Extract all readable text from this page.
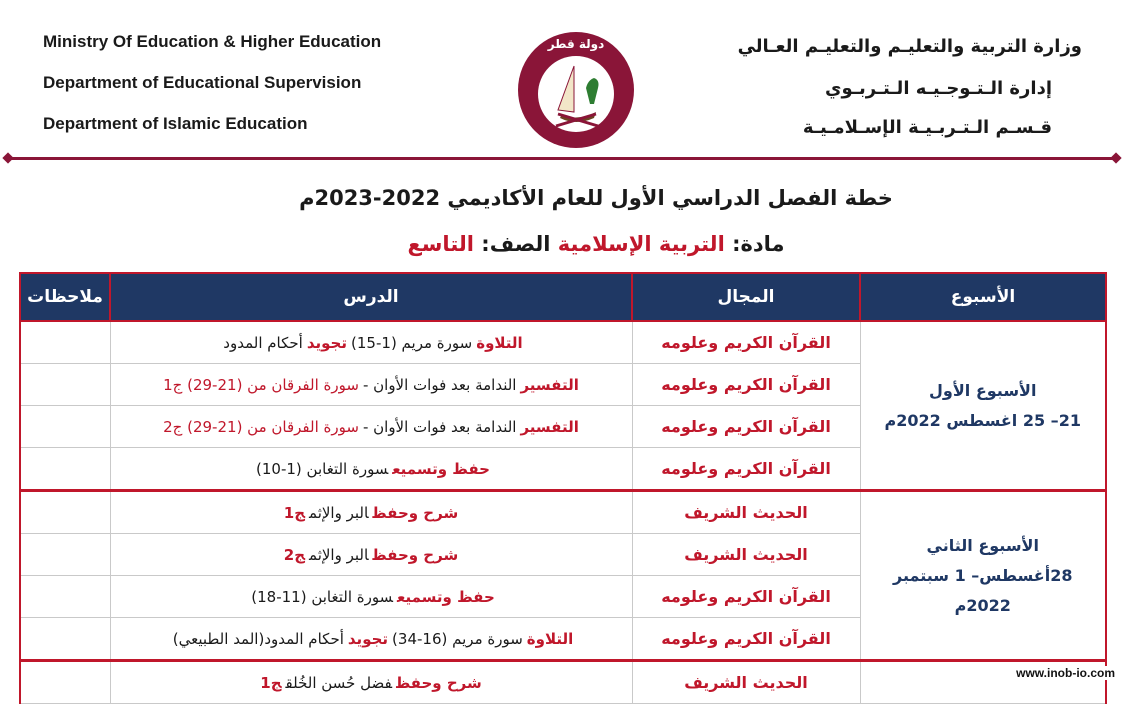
Ministry Of Education & Higher Education
Department of Educational Supervision
Department of Islamic Education
دولة قطر	وزارة التربية والتعليـم والتعليـم العـالي
إدارة الـتـوجـيـه الـتـربـوي
قـسـم الـتـربـيـة الإسـلامـيـة
خطة الفصل الدراسي الأول للعام الأكاديمي 2022-2023م
مادة: التربية الإسلامية الصف: التاسع
الأسبوع	المجال	الدرس	ملاحظات

الأسبوع الأول
21– 25 اغسطس 2022م	القرآن الكريم وعلومه	التلاوةسورة مريم (1-15)تجويدأحكام المدود	
	القرآن الكريم وعلومه	التفسيرالندامة بعد فوات الأوان -سورة الفرقان من (21-29) ج1	
	القرآن الكريم وعلومه	التفسيرالندامة بعد فوات الأوان -سورة الفرقان من (21-29) ج2	
	القرآن الكريم وعلومه	حفظ وتسميعسورة التغابن (1-10)	

الأسبوع الثاني
28أغسطس– 1 سبتمبر 2022م	الحديث الشريف	شرح وحفظالبر والإثمج1	
	الحديث الشريف	شرح وحفظالبر والإثمج2	
	القرآن الكريم وعلومه	حفظ وتسميعسورة التغابن (11-18)	
	القرآن الكريم وعلومه	التلاوةسورة مريم (16-34)تجويدأحكام المدود(المد الطبيعي)	
	الحديث الشريف	شرح وحفظفضل حُسن الخُلقج1	
www.inob-io.com
